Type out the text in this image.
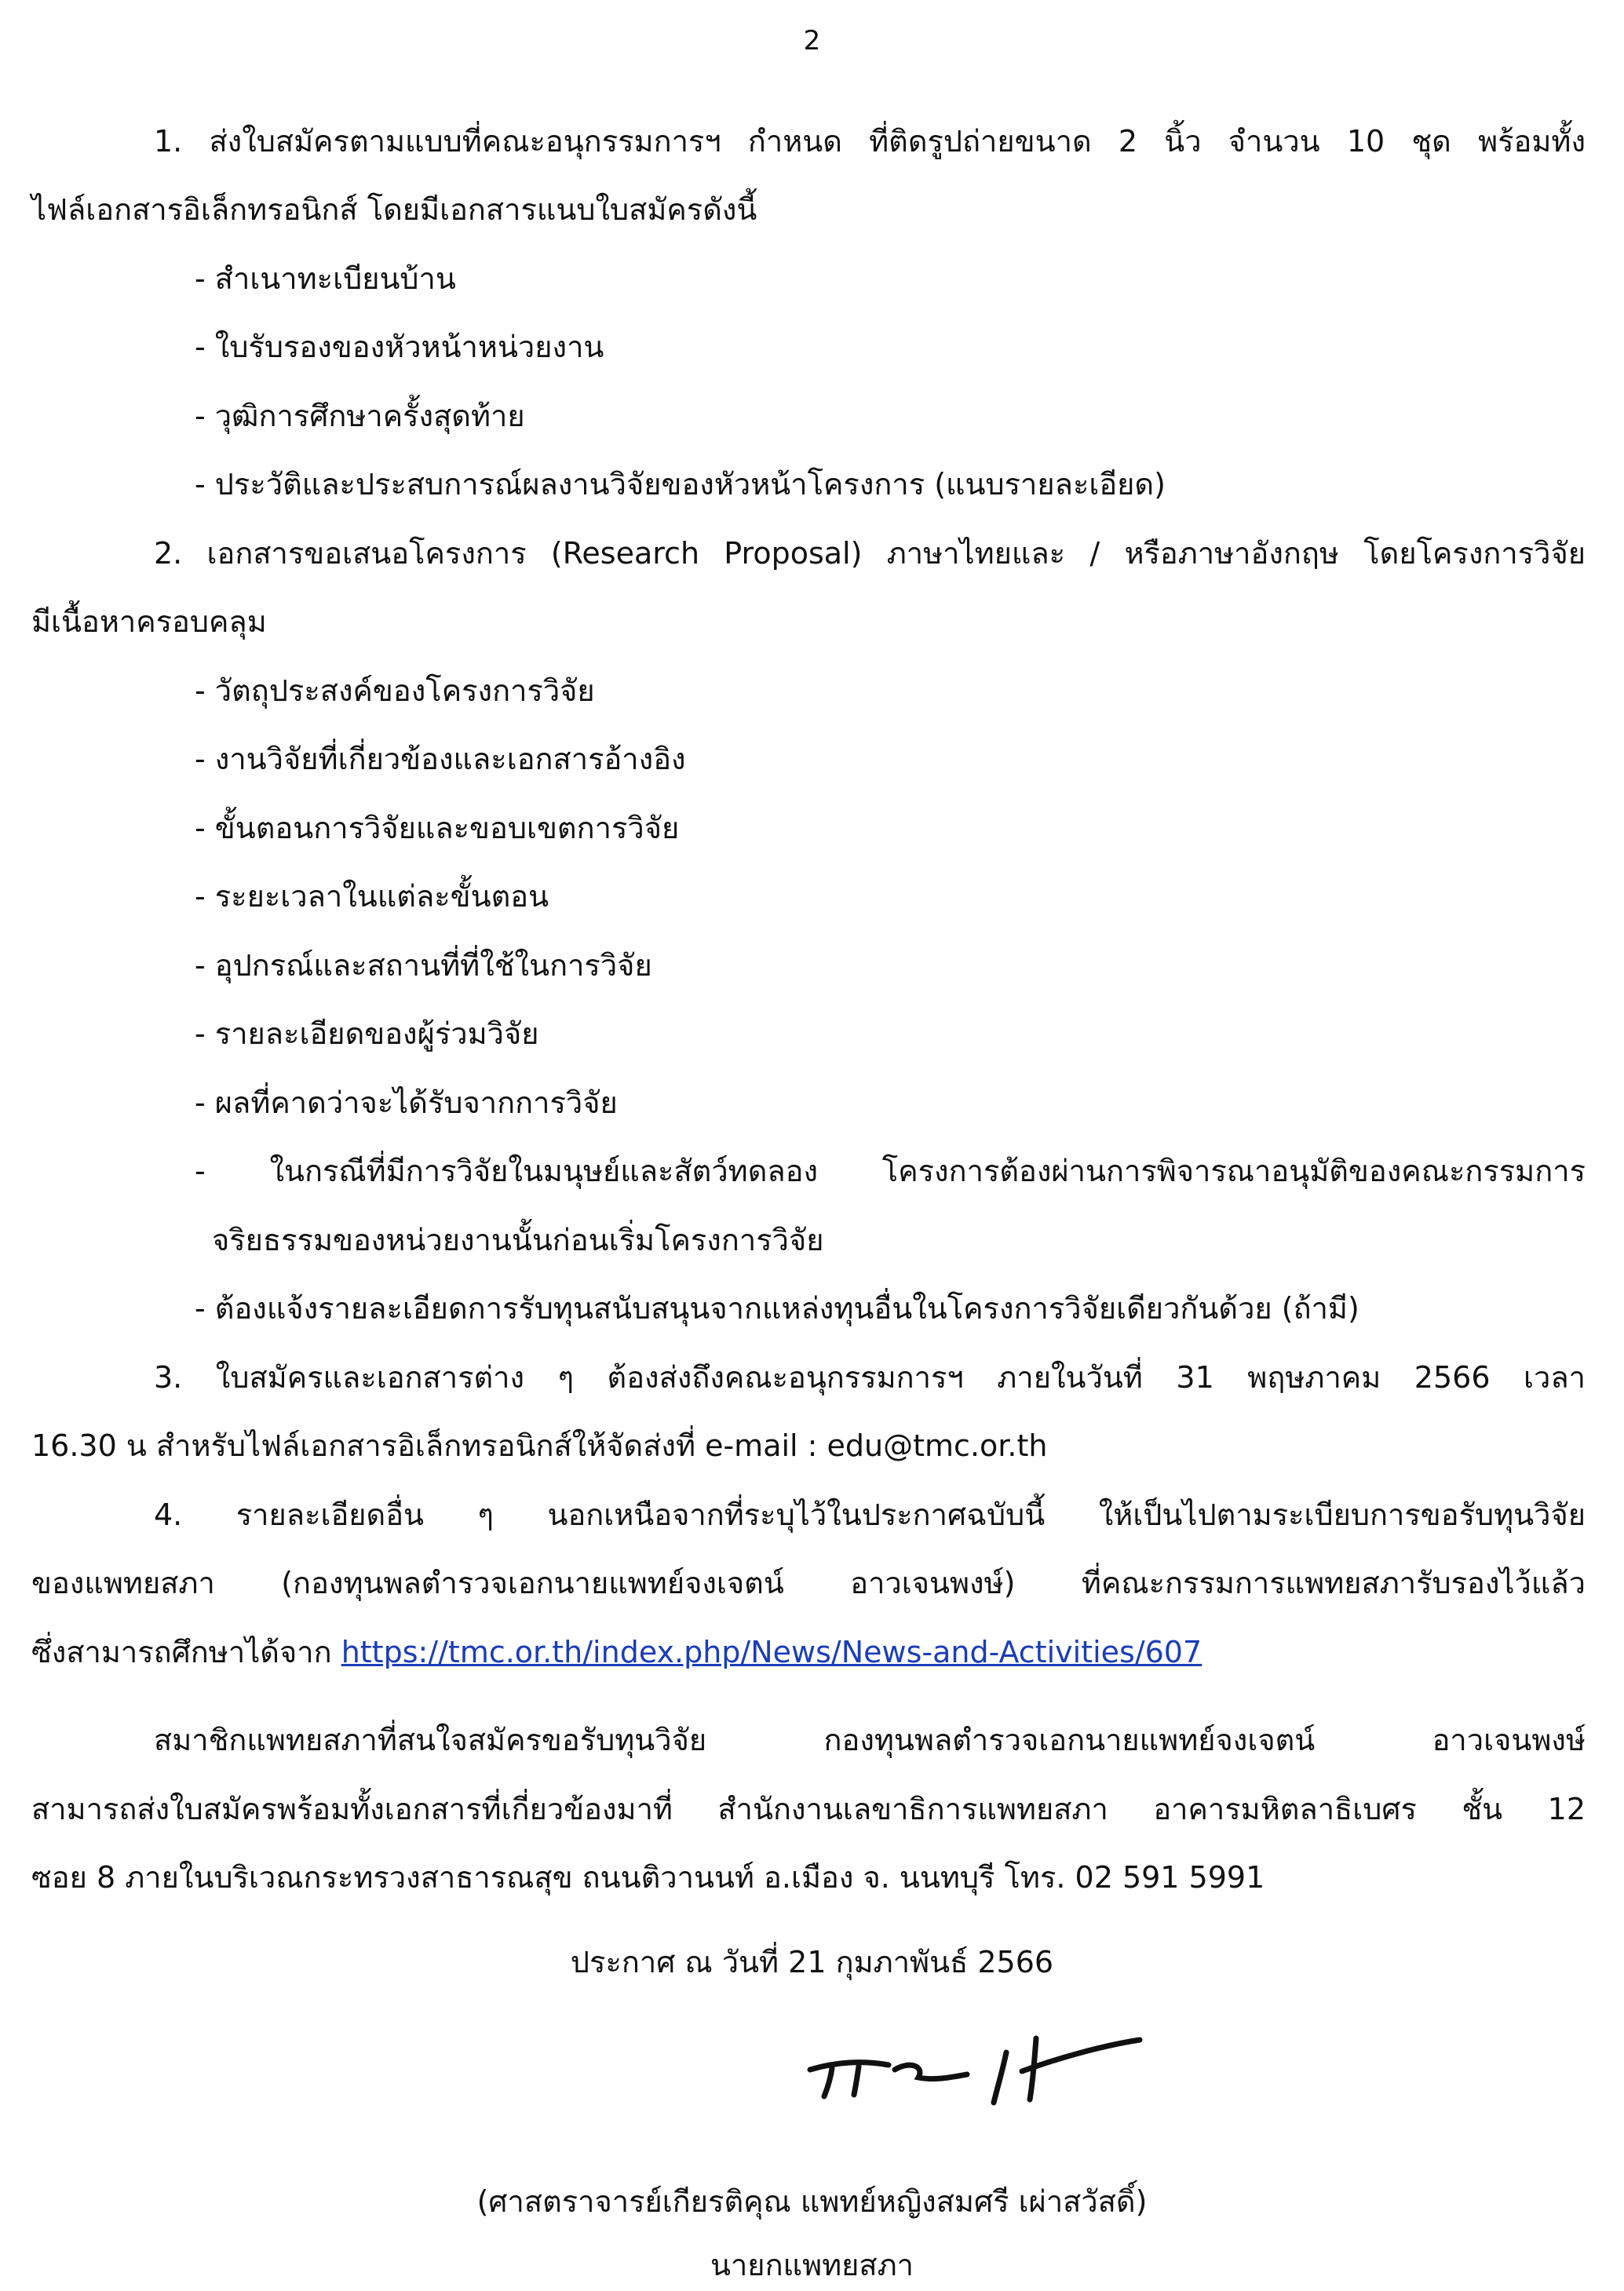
2
1. ส่งใบสมัครตามแบบที่คณะอนุกรรมการฯ กำหนด ที่ติดรูปถ่ายขนาด 2 นิ้ว จำนวน 10 ชุด พร้อมทั้ง
ไฟล์เอกสารอิเล็กทรอนิกส์ โดยมีเอกสารแนบใบสมัครดังนี้
- สำเนาทะเบียนบ้าน
- ใบรับรองของหัวหน้าหน่วยงาน
- วุฒิการศึกษาครั้งสุดท้าย
- ประวัติและประสบการณ์ผลงานวิจัยของหัวหน้าโครงการ (แนบรายละเอียด)
2. เอกสารขอเสนอโครงการ (Research Proposal) ภาษาไทยและ / หรือภาษาอังกฤษ โดยโครงการวิจัย
มีเนื้อหาครอบคลุม
- วัตถุประสงค์ของโครงการวิจัย
- งานวิจัยที่เกี่ยวข้องและเอกสารอ้างอิง
- ขั้นตอนการวิจัยและขอบเขตการวิจัย
- ระยะเวลาในแต่ละขั้นตอน
- อุปกรณ์และสถานที่ที่ใช้ในการวิจัย
- รายละเอียดของผู้ร่วมวิจัย
- ผลที่คาดว่าจะได้รับจากการวิจัย
- ในกรณีที่มีการวิจัยในมนุษย์และสัตว์ทดลอง โครงการต้องผ่านการพิจารณาอนุมัติของคณะกรรมการ
จริยธรรมของหน่วยงานนั้นก่อนเริ่มโครงการวิจัย
- ต้องแจ้งรายละเอียดการรับทุนสนับสนุนจากแหล่งทุนอื่นในโครงการวิจัยเดียวกันด้วย (ถ้ามี)
3. ใบสมัครและเอกสารต่าง ๆ ต้องส่งถึงคณะอนุกรรมการฯ ภายในวันที่ 31 พฤษภาคม 2566 เวลา
16.30 น สำหรับไฟล์เอกสารอิเล็กทรอนิกส์ให้จัดส่งที่ e-mail : edu@tmc.or.th
4. รายละเอียดอื่น ๆ นอกเหนือจากที่ระบุไว้ในประกาศฉบับนี้ ให้เป็นไปตามระเบียบการขอรับทุนวิจัย
ของแพทยสภา (กองทุนพลตำรวจเอกนายแพทย์จงเจตน์ อาวเจนพงษ์) ที่คณะกรรมการแพทยสภารับรองไว้แล้ว
ซึ่งสามารถศึกษาได้จาก https://tmc.or.th/index.php/News/News-and-Activities/607
สมาชิกแพทยสภาที่สนใจสมัครขอรับทุนวิจัย กองทุนพลตำรวจเอกนายแพทย์จงเจตน์ อาวเจนพงษ์
สามารถส่งใบสมัครพร้อมทั้งเอกสารที่เกี่ยวข้องมาที่ สำนักงานเลขาธิการแพทยสภา อาคารมหิตลาธิเบศร ชั้น 12
ซอย 8 ภายในบริเวณกระทรวงสาธารณสุข ถนนติวานนท์ อ.เมือง จ. นนทบุรี โทร. 02 591 5991
ประกาศ ณ วันที่ 21 กุมภาพันธ์ 2566
(ศาสตราจารย์เกียรติคุณ แพทย์หญิงสมศรี เผ่าสวัสดิ์)
นายกแพทยสภา
